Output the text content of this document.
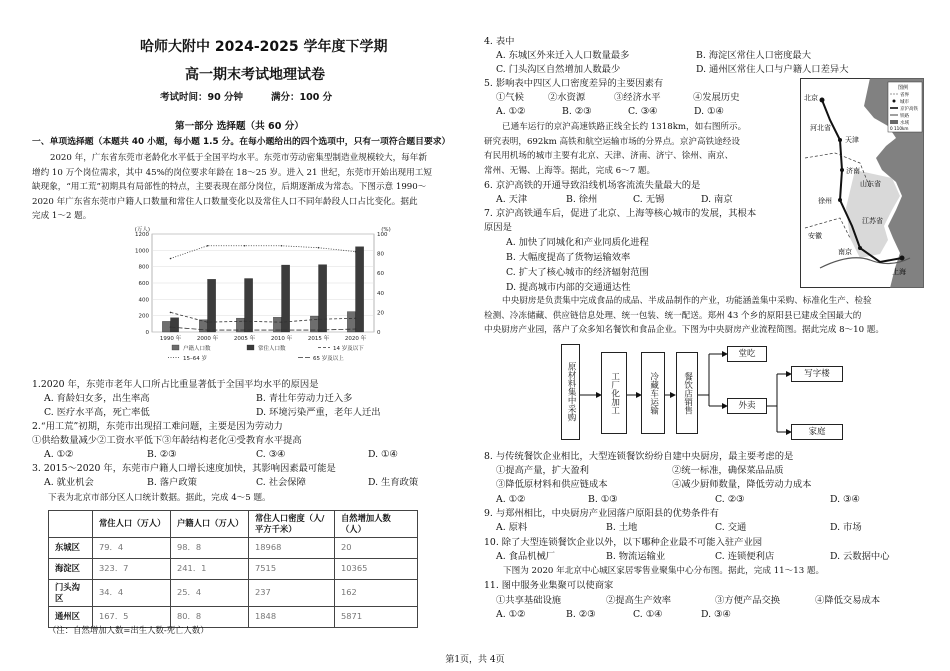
哈师大附中 2024-2025 学年度下学期
高一期末考试地理试卷
考试时间：90 分钟	满分：100 分
第一部分 选择题（共 60 分）
一、单项选择题（本题共 40 小题，每小题 1.5 分。在每小题给出的四个选项中，只有一项符合题目要求）
2020 年，广东省东莞市老龄化水平低于全国平均水平。东莞市劳动密集型制造业规模较大，每年新
增约 10 万个岗位需求，其中 45%的岗位要求年龄在 18～25 岁。进入 21 世纪，东莞市开始出现用工短
缺现象，“用工荒”初期具有局部性的特点，主要表现在部分岗位，后期逐渐成为常态。下图示意 1990～
2020 年广东省东莞市户籍人口数量和常住人口数量变化以及常住人口不同年龄段人口占比变化。据此
完成 1～2 题。
0
200
400
600
800
1000
1200
0
20
40
60
80
100
(万人)	(%)
1990 年	2000 年	2005 年	2010 年	2015 年	2020 年
户籍人口数	常住人口数	14 岁及以下
15–64 岁	65 岁及以上
1.2020 年，东莞市老年人口所占比重显著低于全国平均水平的原因是
A. 育龄妇女多，出生率高	B. 青壮年劳动力迁入多
C. 医疗水平高，死亡率低	D. 环境污染严重，老年人迁出
2.“用工荒”初期，东莞市出现招工难问题，主要是因为劳动力
①供给数量减少②工资水平低下③年龄结构老化④受教育水平提高
A. ①②	B. ②③	C. ③④	D. ①④
3. 2015～2020 年，东莞市户籍人口增长速度加快，其影响因素最可能是
A. 就业机会	B. 落户政策	C. 社会保障	D. 生育政策
下表为北京市部分区人口统计数据。据此，完成 4～5 题。
	常住人口（万人）	户籍人口（万人）	常住人口密度（人/平方千米）	自然增加人数（人）
东城区	79．4	98．8	18968	20
海淀区	323．7	241．1	7515	10365
门头沟区	34．4	25．4	237	162
通州区	167．5	80．8	1848	5871
（注：自然增加人数=出生人数-死亡人数）
4. 表中
A. 东城区外来迁入人口数量最多	B. 海淀区常住人口密度最大
C. 门头沟区自然增加人数最少	D. 通州区常住人口与户籍人口差异大
5. 影响表中四区人口密度差异的主要因素有
①气候	②水资源	③经济水平	④发展历史
A. ①②	B. ②③	C. ③④	D. ①④
已通车运行的京沪高速铁路正线全长约 1318km，如右图所示。
研究表明，692km 高铁和航空运输市场的分界点。京沪高铁途经设
有民用机场的城市主要有北京、天津、济南、济宁、徐州、南京、
常州、无锡、上海等。据此，完成 6～7 题。
6. 京沪高铁的开通导致沿线机场客流流失量最大的是
A. 天津	B. 徐州	C. 无锡	D. 南京
7. 京沪高铁通车后，促进了北京、上海等核心城市的发展，其根本
原因是
A. 加快了同城化和产业同质化进程
B. 大幅度提高了货物运输效率
C. 扩大了核心城市的经济辐射范围
D. 提高城市内部的交通通达性
北京
天津
河北省
济南
山东省
徐州
安徽
江苏省
南京
上海
图例
省界
城市
京沪高铁
铁路
水域
0 110km
中央厨房是负责集中完成食品的成品、半成品制作的产业，功能涵盖集中采购、标准化生产、检验
检测、冷冻储藏、供应链信息处理、统一包装、统一配送。郑州 43 个乡的原阳县已建成全国最大的
中央厨房产业园，落户了众多知名餐饮和食品企业。下图为中央厨房产业流程简图。据此完成 8～10 题。
原材料集中采购	工厂化加工	冷藏车运输	餐饮店销售
堂吃
外卖
写字楼
家庭
8. 与传统餐饮企业相比，大型连锁餐饮纷纷自建中央厨房，最主要考虑的是
①提高产量，扩大盈利	②统一标准，确保菜品品质
③降低原材料和供应链成本	④减少厨师数量，降低劳动力成本
A. ①②	B. ①③	C. ②③	D. ③④
9. 与郑州相比，中央厨房产业园落户原阳县的优势条件有
A. 原料	B. 土地	C. 交通	D. 市场
10. 除了大型连锁餐饮企业以外，以下哪种企业最不可能入驻产业园
A. 食品机械厂	B. 物流运输业	C. 连锁便利店	D. 云数据中心
下图为 2020 年北京中心城区家居零售业聚集中心分布图。据此，完成 11～13 题。
11. 图中服务业集聚可以使商家
①共享基础设施	②提高生产效率	③方便产品交换	④降低交易成本
A. ①②	B. ②③	C. ①④	D. ③④
第1页，共 4页
